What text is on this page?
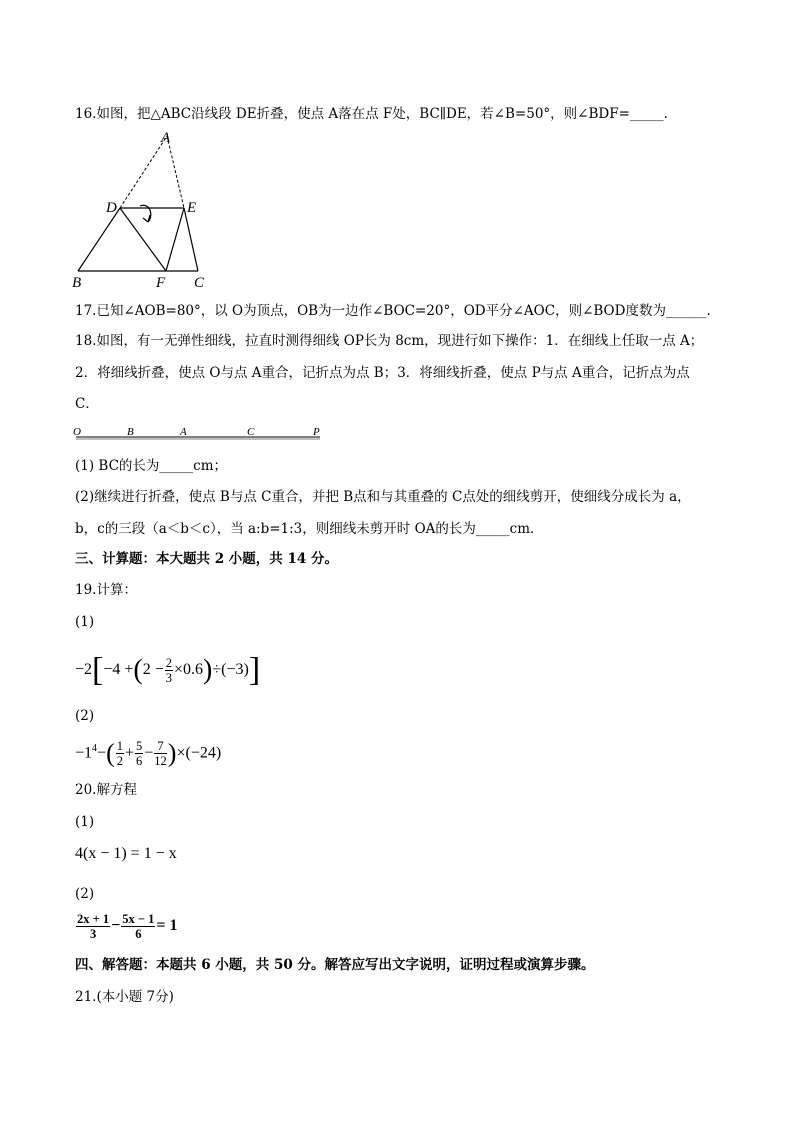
16.如图，把△ABC沿线段 DE折叠，使点 A落在点 F处，BC∥DE，若∠B=50°，则∠BDF=_____.
A
D	E
B	F C
17.已知∠AOB=80°，以 O为顶点，OB为一边作∠BOC=20°，OD平分∠AOC，则∠BOD度数为______.
18.如图，有一无弹性细线，拉直时测得细线 OP长为 8cm，现进行如下操作：1．在细线上任取一点 A；
2．将细线折叠，使点 O与点 A重合，记折点为点 B；3．将细线折叠，使点 P与点 A重合，记折点为点
C．
O	B	A	C	P
(1) BC的长为_____cm；
(2)继续进行折叠，使点 B与点 C重合，并把 B点和与其重叠的 C点处的细线剪开，使细线分成长为 a，
b，c的三段（a＜b＜c），当 a:b=1:3，则细线未剪开时 OA的长为_____cm．
三、计算题：本大题共 2 小题，共 14 分。
19.计算：
(1)
$-2[-4 +(2 - \frac{2}{3} \times 0.6)\div(-3)]$
(2)
$-1^4-( \frac{1}{2} + \frac{5}{6} - \frac{7}{12} )\times(-24)$
20.解方程
(1)
4(x − 1) = 1 − x
(2)
$\frac{2x + 1}{3} - \frac{5x - 1}{6} = 1$
四、解答题：本题共 6 小题，共 50 分。解答应写出文字说明，证明过程或演算步骤。
21.(本小题 7分)
